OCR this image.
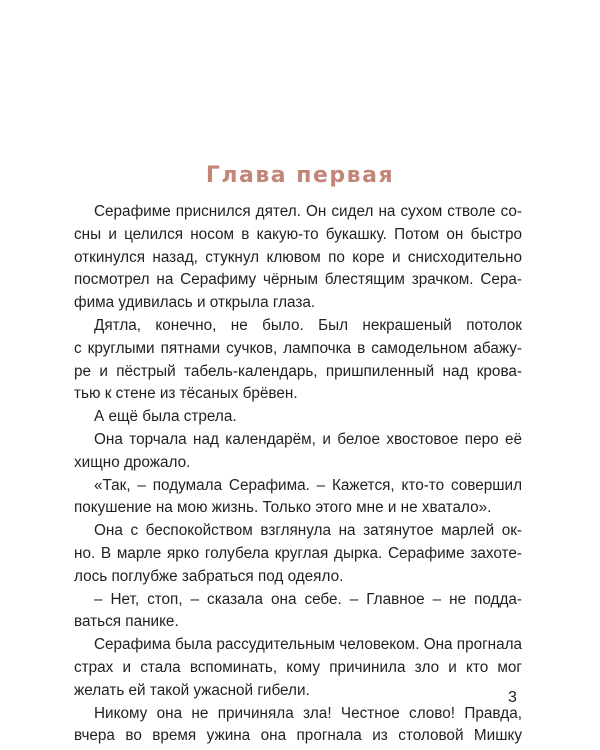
Глава первая

Серафиме приснился дятел. Он сидел на сухом стволе со-
сны и целился носом в какую-то букашку. Потом он быстро
откинулся назад, стукнул клювом по коре и снисходительно
посмотрел на Серафиму чёрным блестящим зрачком. Сера-
фима удивилась и открыла глаза.

Дятла, конечно, не было. Был некрашеный потолок
с круглыми пятнами сучков, лампочка в самодельном абажу-
ре и пёстрый табель-календарь, пришпиленный над крова-
тью к стене из тёсаных брёвен.

А ещё была стрела.

Она торчала над календарём, и белое хвостовое перо её
хищно дрожало.

«Так, – подумала Серафима. – Кажется, кто-то совершил
покушение на мою жизнь. Только этого мне и не хватало».

Она с беспокойством взглянула на затянутое марлей ок-
но. В марле ярко голубела круглая дырка. Серафиме захоте-
лось поглубже забраться под одеяло.

– Нет, стоп, – сказала она себе. – Главное – не подда-
ваться панике.

Серафима была рассудительным человеком. Она прогнала
страх и стала вспоминать, кому причинила зло и кто мог
желать ей такой ужасной гибели.

Никому она не причиняла зла! Честное слово! Правда,
вчера во время ужина она прогнала из столовой Мишку

3
